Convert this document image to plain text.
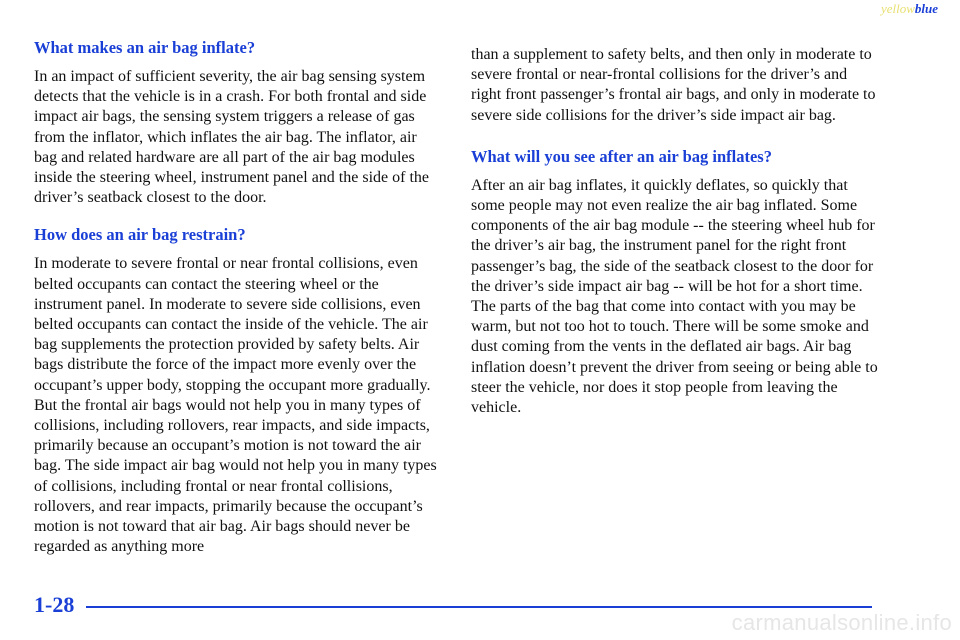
yellowblue
What makes an air bag inflate?

In an impact of sufficient severity, the air bag sensing system detects that the vehicle is in a crash. For both frontal and side impact air bags, the sensing system triggers a release of gas from the inflator, which inflates the air bag. The inflator, air bag and related hardware are all part of the air bag modules inside the steering wheel, instrument panel and the side of the driver’s seatback closest to the door.

How does an air bag restrain?

In moderate to severe frontal or near frontal collisions, even belted occupants can contact the steering wheel or the instrument panel. In moderate to severe side collisions, even belted occupants can contact the inside of the vehicle. The air bag supplements the protection provided by safety belts. Air bags distribute the force of the impact more evenly over the occupant’s upper body, stopping the occupant more gradually. But the frontal air bags would not help you in many types of collisions, including rollovers, rear impacts, and side impacts, primarily because an occupant’s motion is not toward the air bag. The side impact air bag would not help you in many types of collisions, including frontal or near frontal collisions, rollovers, and rear impacts, primarily because the occupant’s motion is not toward that air bag. Air bags should never be regarded as anything more

than a supplement to safety belts, and then only in moderate to severe frontal or near-frontal collisions for the driver’s and right front passenger’s frontal air bags, and only in moderate to severe side collisions for the driver’s side impact air bag.

What will you see after an air bag inflates?

After an air bag inflates, it quickly deflates, so quickly that some people may not even realize the air bag inflated. Some components of the air bag module -- the steering wheel hub for the driver’s air bag, the instrument panel for the right front passenger’s bag, the side of the seatback closest to the door for the driver’s side impact air bag -- will be hot for a short time. The parts of the bag that come into contact with you may be warm, but not too hot to touch. There will be some smoke and dust coming from the vents in the deflated air bags. Air bag inflation doesn’t prevent the driver from seeing or being able to steer the vehicle, nor does it stop people from leaving the vehicle.

1-28
carmanualsonline.info
